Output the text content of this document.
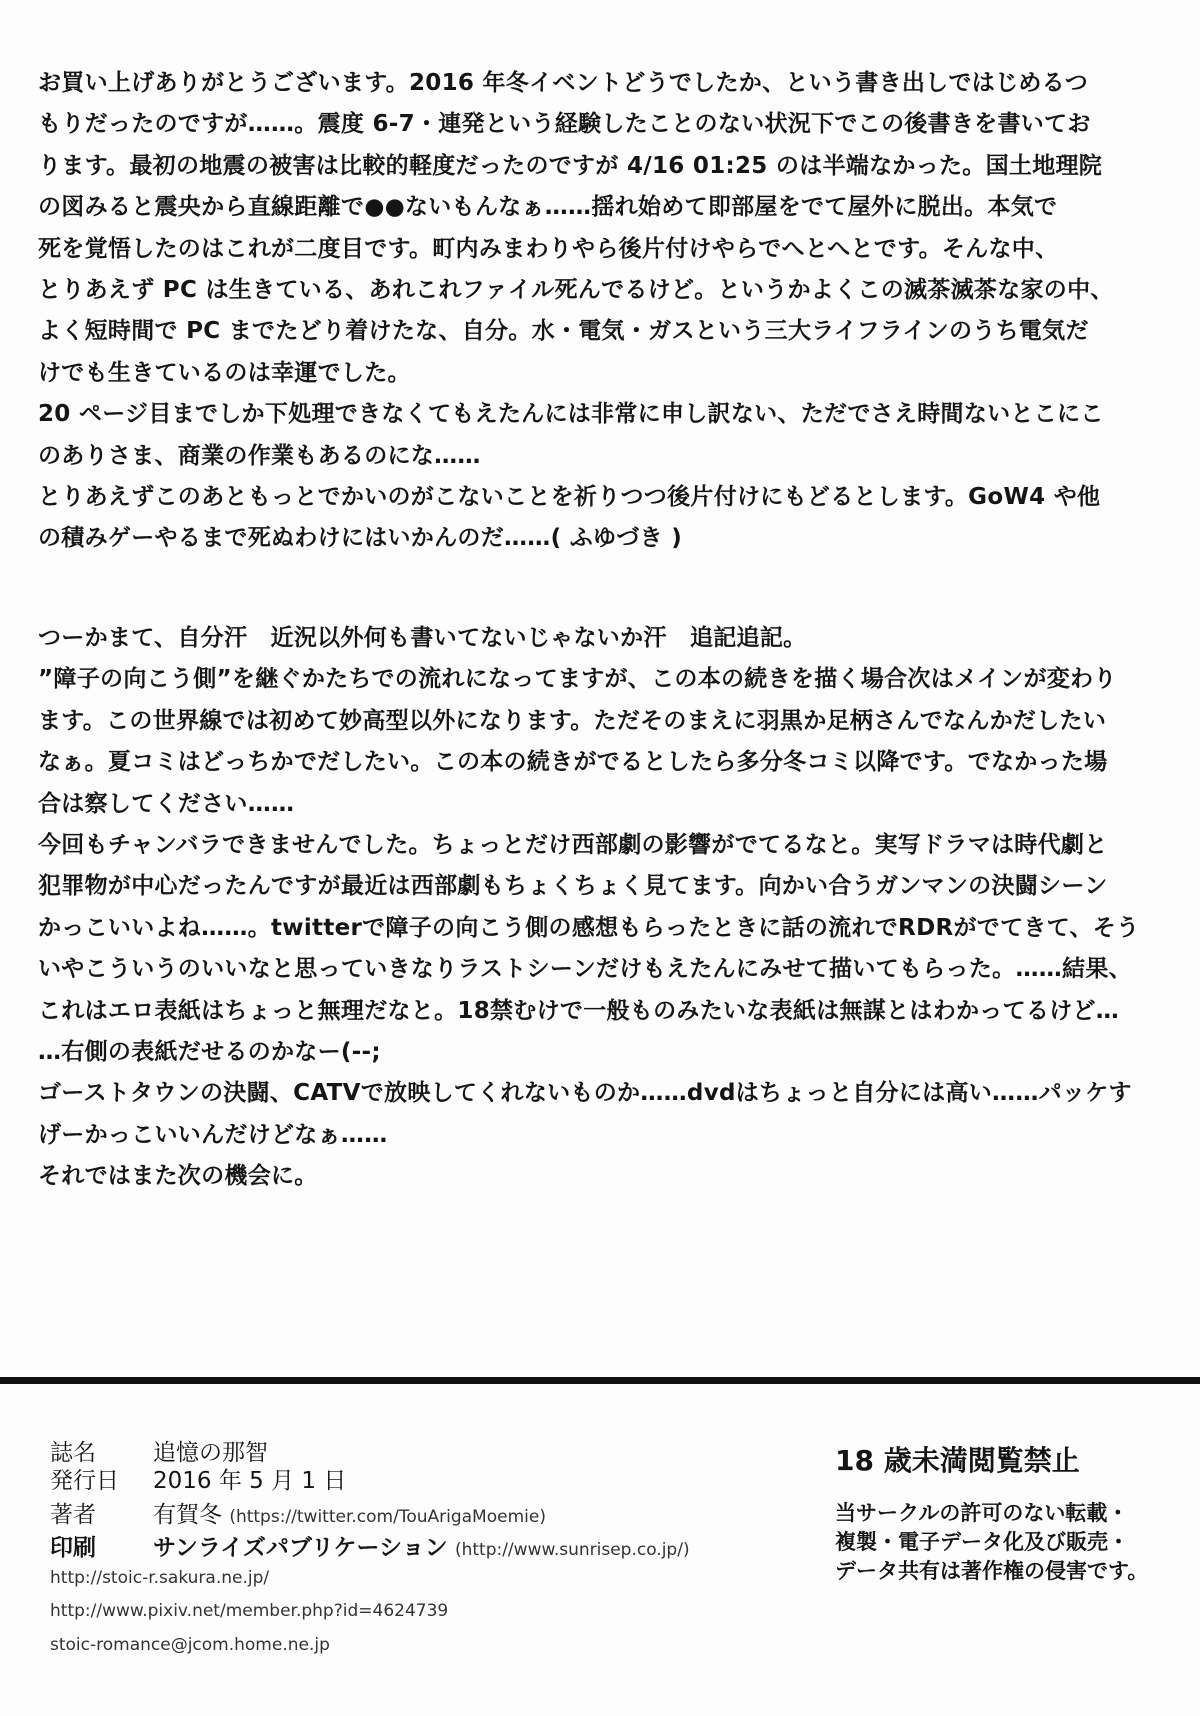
お買い上げありがとうございます。2016 年冬イベントどうでしたか、という書き出しではじめるつ
もりだったのですが……。震度 6-7・連発という経験したことのない状況下でこの後書きを書いてお
ります。最初の地震の被害は比較的軽度だったのですが 4/16 01:25 のは半端なかった。国土地理院
の図みると震央から直線距離で●●ないもんなぁ……揺れ始めて即部屋をでて屋外に脱出。本気で
死を覚悟したのはこれが二度目です。町内みまわりやら後片付けやらでへとへとです。そんな中、
とりあえず PC は生きている、あれこれファイル死んでるけど。というかよくこの滅茶滅茶な家の中、
よく短時間で PC までたどり着けたな、自分。水・電気・ガスという三大ライフラインのうち電気だ
けでも生きているのは幸運でした。
20 ページ目までしか下処理できなくてもえたんには非常に申し訳ない、ただでさえ時間ないとこにこ
のありさま、商業の作業もあるのにな……
とりあえずこのあともっとでかいのがこないことを祈りつつ後片付けにもどるとします。GoW4 や他
の積みゲーやるまで死ぬわけにはいかんのだ……( ふゆづき )
つーかまて、自分汗　近況以外何も書いてないじゃないか汗　追記追記。
”障子の向こう側”を継ぐかたちでの流れになってますが、この本の続きを描く場合次はメインが変わり
ます。この世界線では初めて妙高型以外になります。ただそのまえに羽黒か足柄さんでなんかだしたい
なぁ。夏コミはどっちかでだしたい。この本の続きがでるとしたら多分冬コミ以降です。でなかった場
合は察してください……
今回もチャンバラできませんでした。ちょっとだけ西部劇の影響がでてるなと。実写ドラマは時代劇と
犯罪物が中心だったんですが最近は西部劇もちょくちょく見てます。向かい合うガンマンの決闘シーン
かっこいいよね……。twitterで障子の向こう側の感想もらったときに話の流れでRDRがでてきて、そう
いやこういうのいいなと思っていきなりラストシーンだけもえたんにみせて描いてもらった。……結果、
これはエロ表紙はちょっと無理だなと。18禁むけで一般ものみたいな表紙は無謀とはわかってるけど…
…右側の表紙だせるのかなー(--;
ゴーストタウンの決闘、CATVで放映してくれないものか……dvdはちょっと自分には高い……パッケす
げーかっこいいんだけどなぁ……
それではまた次の機会に。
誌名 追憶の那智
発行日 2016 年 5 月 1 日
著者 有賀冬 (https://twitter.com/TouArigaMoemie)
印刷 サンライズパブリケーション (http://www.sunrisep.co.jp/)
http://stoic-r.sakura.ne.jp/
http://www.pixiv.net/member.php?id=4624739
stoic-romance@jcom.home.ne.jp
18 歳未満閲覧禁止
当サークルの許可のない転載・
複製・電子データ化及び販売・
データ共有は著作権の侵害です。
